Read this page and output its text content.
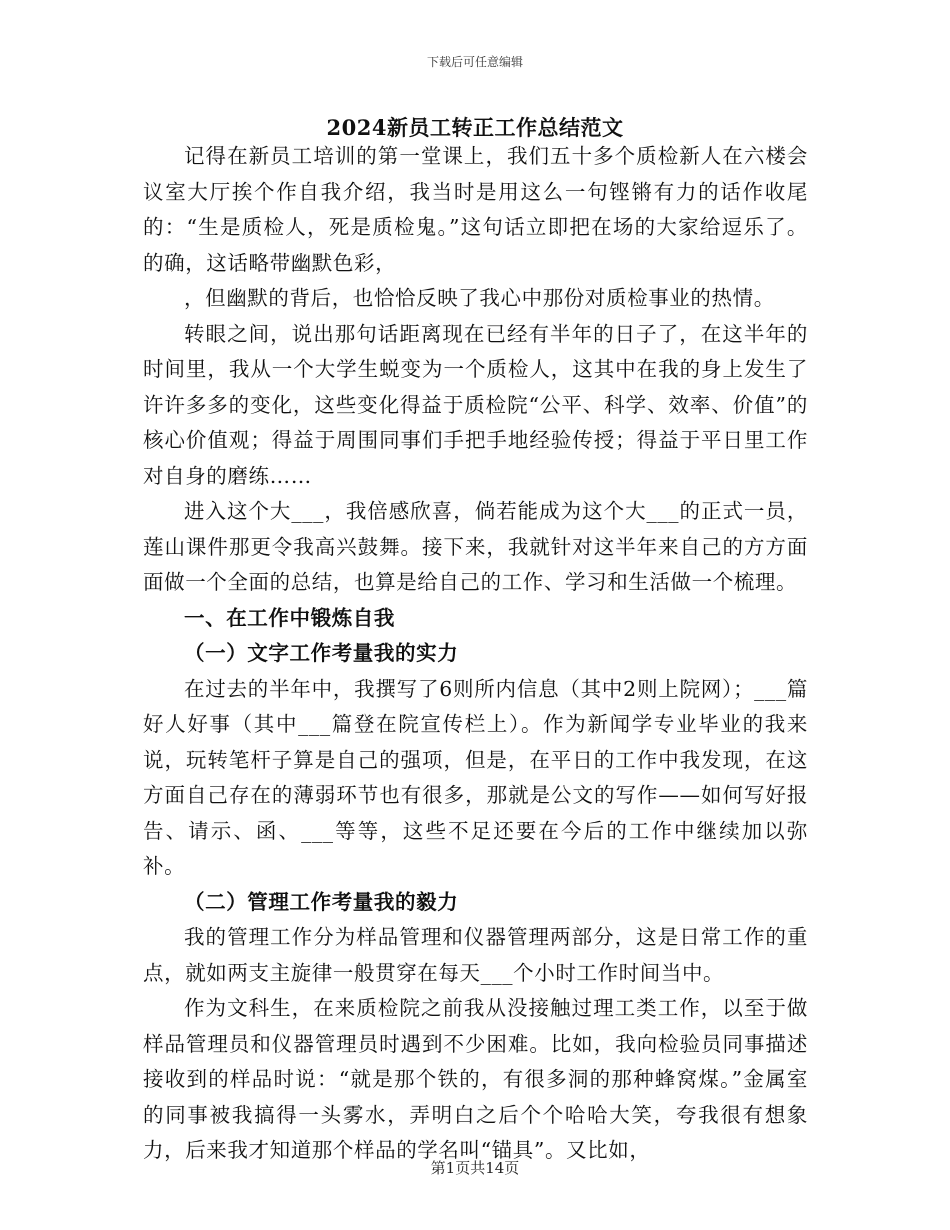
下载后可任意编辑
2024新员工转正工作总结范文

记得在新员工培训的第一堂课上，我们五十多个质检新人在六楼会议室大厅挨个作自我介绍，我当时是用这么一句铿锵有力的话作收尾的：“生是质检人，死是质检鬼。”这句话立即把在场的大家给逗乐了。的确，这话略带幽默色彩，

，但幽默的背后，也恰恰反映了我心中那份对质检事业的热情。

转眼之间，说出那句话距离现在已经有半年的日子了，在这半年的时间里，我从一个大学生蜕变为一个质检人，这其中在我的身上发生了许许多多的变化，这些变化得益于质检院“公平、科学、效率、价值”的核心价值观；得益于周围同事们手把手地经验传授；得益于平日里工作对自身的磨练……

进入这个大___，我倍感欣喜，倘若能成为这个大___的正式一员，莲山课件那更令我高兴鼓舞。接下来，我就针对这半年来自己的方方面面做一个全面的总结，也算是给自己的工作、学习和生活做一个梳理。

一、在工作中锻炼自我

（一）文字工作考量我的实力

在过去的半年中，我撰写了6则所内信息（其中2则上院网）；___篇好人好事（其中___篇登在院宣传栏上）。作为新闻学专业毕业的我来说，玩转笔杆子算是自己的强项，但是，在平日的工作中我发现，在这方面自己存在的薄弱环节也有很多，那就是公文的写作——如何写好报告、请示、函、___等等，这些不足还要在今后的工作中继续加以弥补。

（二）管理工作考量我的毅力

我的管理工作分为样品管理和仪器管理两部分，这是日常工作的重点，就如两支主旋律一般贯穿在每天___个小时工作时间当中。

作为文科生，在来质检院之前我从没接触过理工类工作，以至于做样品管理员和仪器管理员时遇到不少困难。比如，我向检验员同事描述接收到的样品时说：“就是那个铁的，有很多洞的那种蜂窝煤。”金属室的同事被我搞得一头雾水，弄明白之后个个哈哈大笑，夸我很有想象力，后来我才知道那个样品的学名叫“锚具”。又比如，

第1页共14页
